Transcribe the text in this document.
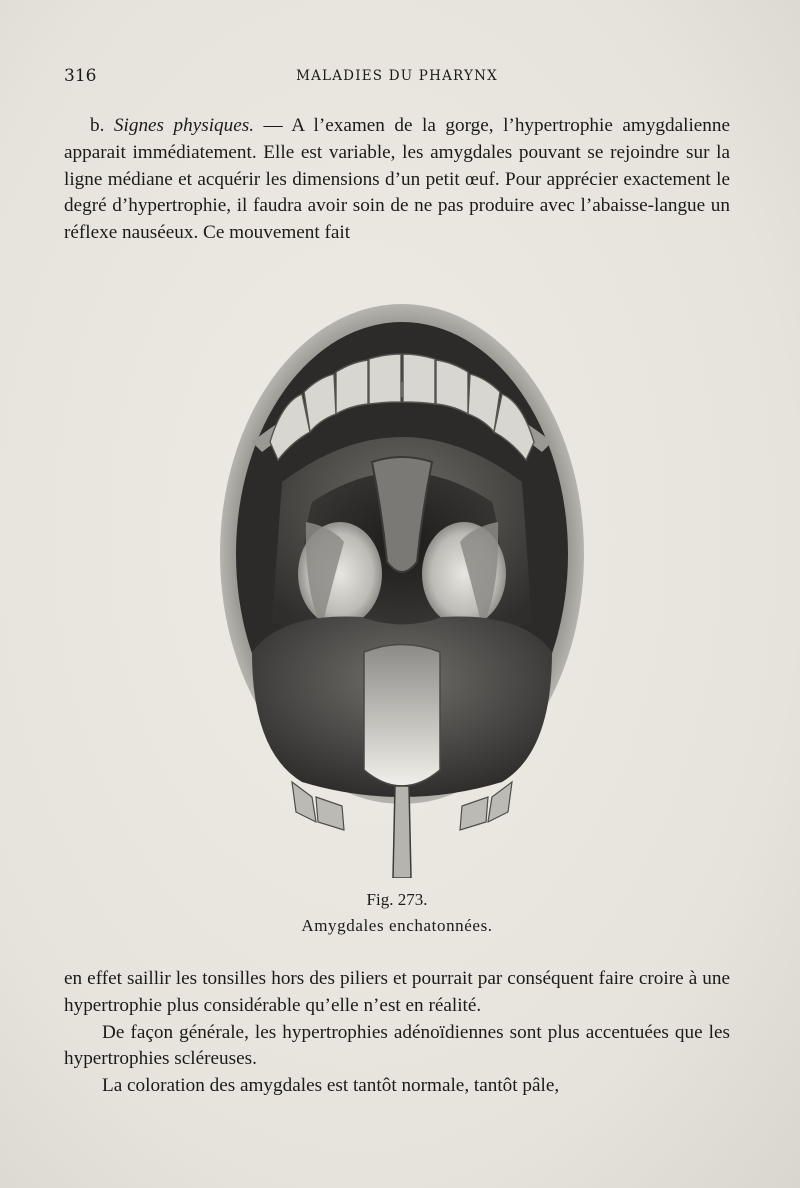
316	MALADIES DU PHARYNX

b. Signes physiques. — A l’examen de la gorge, l’hypertrophie amygdalienne apparait immédiatement. Elle est variable, les amygdales pouvant se rejoindre sur la ligne médiane et acquérir les dimensions d’un petit œuf. Pour apprécier exactement le degré d’hypertrophie, il faudra avoir soin de ne pas produire avec l’abaisse-langue un réflexe nauséeux. Ce mouvement fait

Fig. 273.
Amygdales enchatonnées.

en effet saillir les tonsilles hors des piliers et pourrait par conséquent faire croire à une hypertrophie plus considérable qu’elle n’est en réalité.

De façon générale, les hypertrophies adénoïdiennes sont plus accentuées que les hypertrophies scléreuses.

La coloration des amygdales est tantôt normale, tantôt pâle,
